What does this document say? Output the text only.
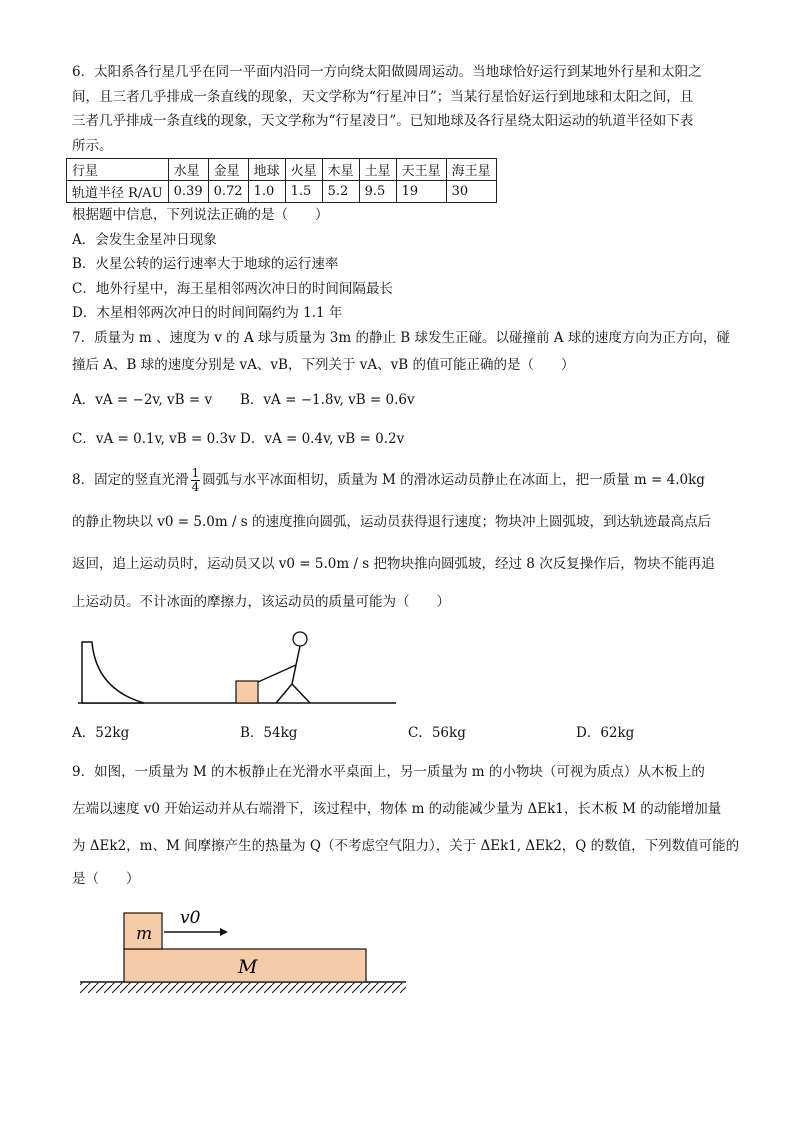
6．太阳系各行星几乎在同一平面内沿同一方向绕太阳做圆周运动。当地球恰好运行到某地外行星和太阳之

间，且三者几乎排成一条直线的现象，天文学称为“行星冲日”；当某行星恰好运行到地球和太阳之间，且

三者几乎排成一条直线的现象，天文学称为“行星凌日”。已知地球及各行星绕太阳运动的轨道半径如下表

所示。

行星	水星	金星	地球	火星	木星	土星	天王星	海王星
轨道半径 R/AU	0.39	0.72	1.0	1.5	5.2	9.5	19	30

根据题中信息，下列说法正确的是（　　）

A．会发生金星冲日现象

B．火星公转的运行速率大于地球的运行速率

C．地外行星中，海王星相邻两次冲日的时间间隔最长

D．木星相邻两次冲日的时间间隔约为 1.1 年

7．质量为 m 、速度为 v 的 A 球与质量为 3m 的静止 B 球发生正碰。以碰撞前 A 球的速度方向为正方向，碰

撞后 A、B 球的速度分别是 vA、vB，下列关于 vA、vB 的值可能正确的是（　　）

A．vA = −2v, vB = v	B．vA = −1.8v, vB = 0.6v
C．vA = 0.1v, vB = 0.3v D．vA = 0.4v, vB = 0.2v

8．固定的竖直光滑 $\frac{1}{4}$ 圆弧与水平冰面相切，质量为 M 的滑冰运动员静止在冰面上，把一质量 m = 4.0kg

的静止物块以 v0 = 5.0m / s 的速度推向圆弧，运动员获得退行速度；物块冲上圆弧坡，到达轨迹最高点后

返回，追上运动员时，运动员又以 v0 = 5.0m / s 把物块推向圆弧坡，经过 8 次反复操作后，物块不能再追

上运动员。不计冰面的摩擦力，该运动员的质量可能为（　　）

A．52kg	B．54kg	C．56kg	D．62kg

9．如图，一质量为 M 的木板静止在光滑水平桌面上，另一质量为 m 的小物块（可视为质点）从木板上的

左端以速度 v0 开始运动并从右端滑下，该过程中，物体 m 的动能减少量为 ΔEk1，长木板 M 的动能增加量

为 ΔEk2，m、M 间摩擦产生的热量为 Q（不考虑空气阻力），关于 ΔEk1, ΔEk2，Q 的数值，下列数值可能的

是（　　）

M
m
v0
